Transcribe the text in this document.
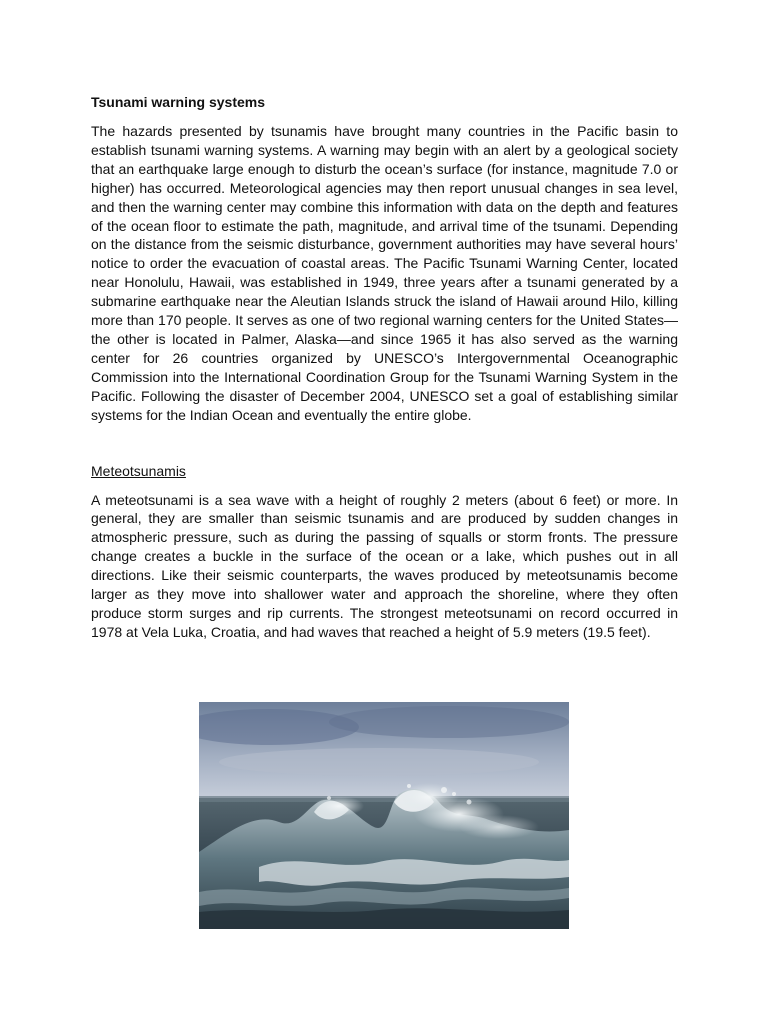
Tsunami warning systems

The hazards presented by tsunamis have brought many countries in the Pacific basin to establish tsunami warning systems. A warning may begin with an alert by a geological society that an earthquake large enough to disturb the ocean’s surface (for instance, magnitude 7.0 or higher) has occurred. Meteorological agencies may then report unusual changes in sea level, and then the warning center may combine this information with data on the depth and features of the ocean floor to estimate the path, magnitude, and arrival time of the tsunami. Depending on the distance from the seismic disturbance, government authorities may have several hours’ notice to order the evacuation of coastal areas. The Pacific Tsunami Warning Center, located near Honolulu, Hawaii, was established in 1949, three years after a tsunami generated by a submarine earthquake near the Aleutian Islands struck the island of Hawaii around Hilo, killing more than 170 people. It serves as one of two regional warning centers for the United States—the other is located in Palmer, Alaska—and since 1965 it has also served as the warning center for 26 countries organized by UNESCO’s Intergovernmental Oceanographic Commission into the International Coordination Group for the Tsunami Warning System in the Pacific. Following the disaster of December 2004, UNESCO set a goal of establishing similar systems for the Indian Ocean and eventually the entire globe.

Meteotsunamis

A meteotsunami is a sea wave with a height of roughly 2 meters (about 6 feet) or more. In general, they are smaller than seismic tsunamis and are produced by sudden changes in atmospheric pressure, such as during the passing of squalls or storm fronts. The pressure change creates a buckle in the surface of the ocean or a lake, which pushes out in all directions. Like their seismic counterparts, the waves produced by meteotsunamis become larger as they move into shallower water and approach the shoreline, where they often produce storm surges and rip currents. The strongest meteotsunami on record occurred in 1978 at Vela Luka, Croatia, and had waves that reached a height of 5.9 meters (19.5 feet).
